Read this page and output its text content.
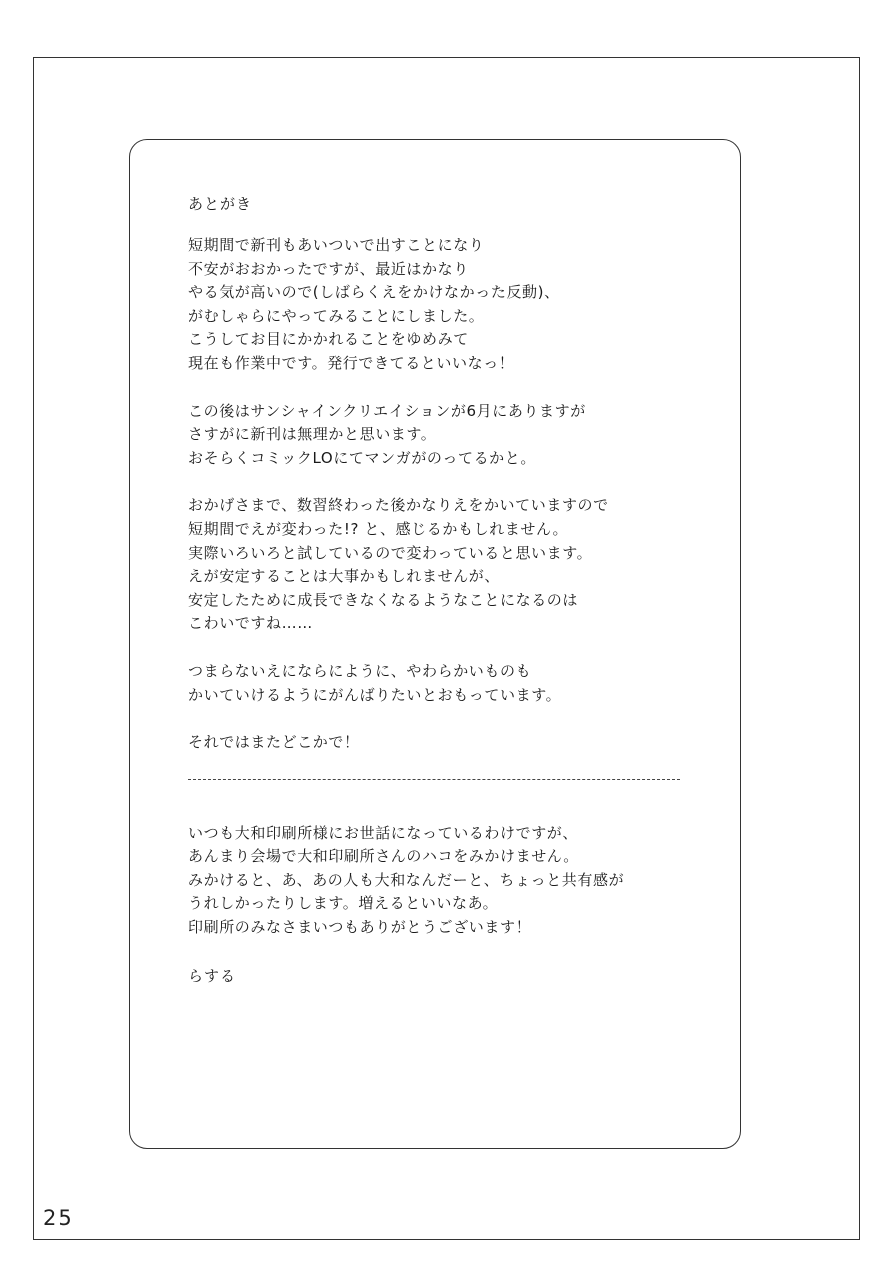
あとがき
短期間で新刊もあいついで出すことになり
不安がおおかったですが、最近はかなり
やる気が高いので(しばらくえをかけなかった反動)、
がむしゃらにやってみることにしました。
こうしてお目にかかれることをゆめみて
現在も作業中です。発行できてるといいなっ！
この後はサンシャインクリエイションが6月にありますが
さすがに新刊は無理かと思います。
おそらくコミックLOにてマンガがのってるかと。
おかげさまで、数習終わった後かなりえをかいていますので
短期間でえが変わった!? と、感じるかもしれません。
実際いろいろと試しているので変わっていると思います。
えが安定することは大事かもしれませんが、
安定したために成長できなくなるようなことになるのは
こわいですね……
つまらないえにならにように、やわらかいものも
かいていけるようにがんばりたいとおもっています。
それではまたどこかで！
いつも大和印刷所様にお世話になっているわけですが、
あんまり会場で大和印刷所さんのハコをみかけません。
みかけると、あ、あの人も大和なんだーと、ちょっと共有感が
うれしかったりします。増えるといいなあ。
印刷所のみなさまいつもありがとうございます！
らする
25
